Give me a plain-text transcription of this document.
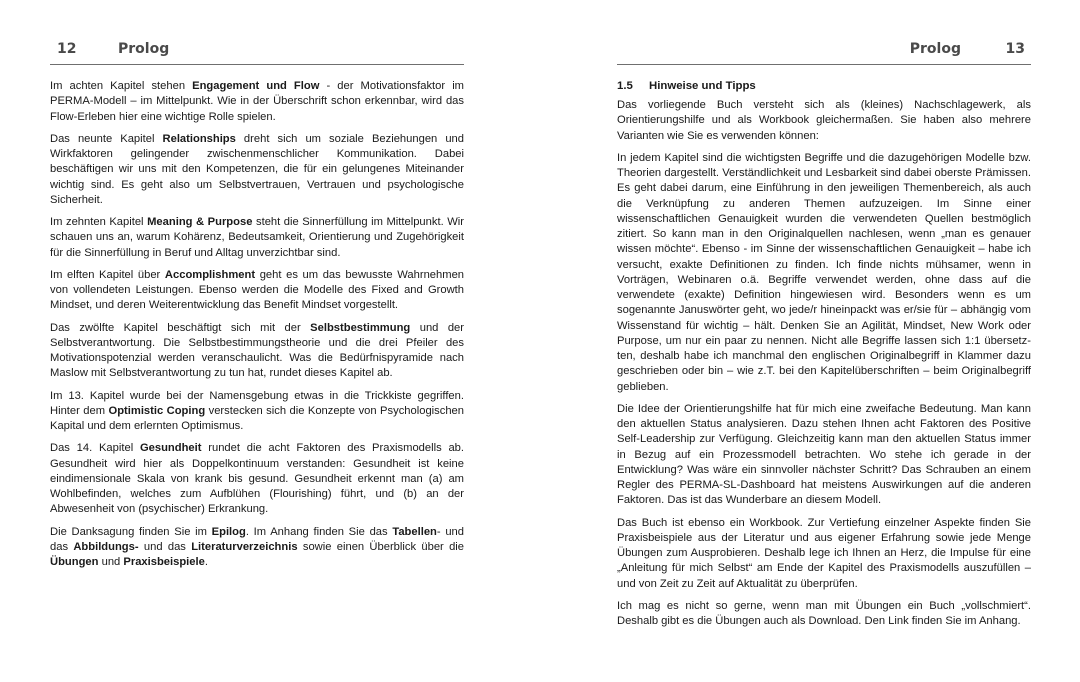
12	Prolog

Im achten Kapitel stehen Engagement und Flow - der Motivationsfaktor im PERMA-Modell – im Mittelpunkt. Wie in der Überschrift schon erkennbar, wird das Flow-Erleben hier eine wichtige Rolle spielen.

Das neunte Kapitel Relationships dreht sich um soziale Beziehungen und Wirkfaktoren gelingender zwischenmenschlicher Kommunikation. Dabei beschäftigen wir uns mit den Kompetenzen, die für ein gelungenes Miteinander wichtig sind. Es geht also um Selbstvertrauen, Vertrauen und psychologische Sicherheit.

Im zehnten Kapitel Meaning & Purpose steht die Sinnerfüllung im Mittelpunkt. Wir schauen uns an, warum Kohärenz, Bedeutsamkeit, Orientierung und Zugehörigkeit für die Sinnerfüllung in Beruf und Alltag unverzichtbar sind.

Im elften Kapitel über Accomplishment geht es um das bewusste Wahrnehmen von vollendeten Leistungen. Ebenso werden die Modelle des Fixed and Growth Mindset, und deren Weiterentwicklung das Benefit Mindset vorgestellt.

Das zwölfte Kapitel beschäftigt sich mit der Selbstbestimmung und der Selbstverantwortung. Die Selbstbestimmungstheorie und die drei Pfeiler des Motivationspotenzial werden veranschaulicht. Was die Bedürfnispyramide nach Maslow mit Selbstverantwortung zu tun hat, rundet dieses Kapitel ab.

Im 13. Kapitel wurde bei der Namensgebung etwas in die Trickkiste gegriffen. Hinter dem Optimistic Coping verstecken sich die Konzepte von Psychologischen Kapital und dem erlernten Optimismus.

Das 14. Kapitel Gesundheit rundet die acht Faktoren des Praxismodells ab. Gesundheit wird hier als Doppelkontinuum verstanden: Gesundheit ist keine eindimensionale Skala von krank bis gesund. Gesundheit erkennt man (a) am Wohlbefinden, welches zum Aufblühen (Flourishing) führt, und (b) an der Abwesenheit von (psychischer) Erkrankung.

Die Danksagung finden Sie im Epilog. Im Anhang finden Sie das Tabellen- und das Abbildungs- und das Literaturverzeichnis sowie einen Überblick über die Übungen und Praxisbeispiele.

Prolog	13
1.5 Hinweise und Tipps

Das vorliegende Buch versteht sich als (kleines) Nachschlagewerk, als Orientierungshilfe und als Workbook gleichermaßen. Sie haben also mehrere Varianten wie Sie es verwenden können:

In jedem Kapitel sind die wichtigsten Begriffe und die dazugehörigen Modelle bzw. Theorien dargestellt. Verständlichkeit und Lesbarkeit sind dabei oberste Prämissen. Es geht dabei darum, eine Einführung in den jeweiligen Themenbereich, als auch die Verknüpfung zu anderen Themen aufzuzeigen. Im Sinne einer wissenschaftlichen Genauigkeit wurden die verwendeten Quellen bestmöglich zitiert. So kann man in den Originalquellen nachlesen, wenn „man es genauer wissen möchte“. Ebenso - im Sinne der wissenschaftlichen Genauigkeit – habe ich versucht, exakte Definitionen zu finden. Ich finde nichts mühsamer, wenn in Vorträgen, Webinaren o.ä. Begriffe verwendet werden, ohne dass auf die verwendete (exakte) Definition hingewiesen wird. Besonders wenn es um sogenannte Januswörter geht, wo jede/r hineinpackt was er/sie für – abhängig vom Wissenstand für wichtig – hält. Denken Sie an Agilität, Mindset, New Work oder Purpose, um nur ein paar zu nennen. Nicht alle Begriffe lassen sich 1:1 übersetzten, deshalb habe ich manchmal den englischen Originalbegriff in Klammer dazu geschrieben oder bin – wie z.T. bei den Kapitelüberschriften – beim Originalbegriff geblieben.

Die Idee der Orientierungshilfe hat für mich eine zweifache Bedeutung. Man kann den aktuellen Status analysieren. Dazu stehen Ihnen acht Faktoren des Positive Self-Leadership zur Verfügung. Gleichzeitig kann man den aktuellen Status immer in Bezug auf ein Prozessmodell betrachten. Wo stehe ich gerade in der Entwicklung? Was wäre ein sinnvoller nächster Schritt? Das Schrauben an einem Regler des PERMA-SL-Dashboard hat meistens Auswirkungen auf die anderen Faktoren. Das ist das Wunderbare an diesem Modell.

Das Buch ist ebenso ein Workbook. Zur Vertiefung einzelner Aspekte finden Sie Praxisbeispiele aus der Literatur und aus eigener Erfahrung sowie jede Menge Übungen zum Ausprobieren. Deshalb lege ich Ihnen an Herz, die Impulse für eine „Anleitung für mich Selbst“ am Ende der Kapitel des Praxismodells auszufüllen – und von Zeit zu Zeit auf Aktualität zu überprüfen.

Ich mag es nicht so gerne, wenn man mit Übungen ein Buch „vollschmiert“. Deshalb gibt es die Übungen auch als Download. Den Link finden Sie im Anhang.
